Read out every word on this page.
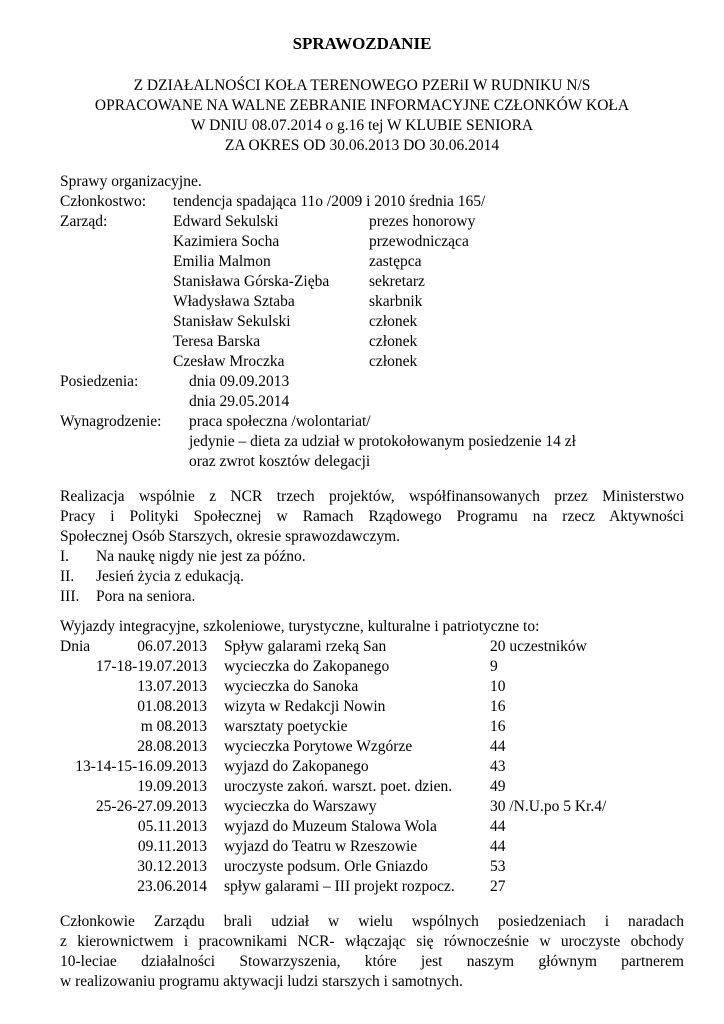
SPRAWOZDANIE
Z DZIAŁALNOŚCI KOŁA TERENOWEGO PZERiI W RUDNIKU N/S
OPRACOWANE NA WALNE ZEBRANIE INFORMACYJNE CZŁONKÓW KOŁA
W DNIU 08.07.2014 o g.16 tej W KLUBIE SENIORA
ZA OKRES OD 30.06.2013 DO 30.06.2014
Sprawy organizacyjne.
Członkostwo: tendencja spadająca 11o /2009 i 2010 średnia 165/
Zarząd:	Edward Sekulski	prezes honorowy
Kazimiera Socha	przewodnicząca
Emilia Malmon	zastępca
Stanisława Górska-Zięba	sekretarz
Władysława Sztaba	skarbnik
Stanisław Sekulski	członek
Teresa Barska	członek
Czesław Mroczka	członek
Posiedzenia:	dnia 09.09.2013
dnia 29.05.2014
Wynagrodzenie: praca społeczna /wolontariat/
jedynie – dieta za udział w protokołowanym posiedzenie 14 zł
oraz zwrot kosztów delegacji
Realizacja wspólnie z NCR trzech projektów, współfinansowanych przez Ministerstwo
Pracy i Polityki Społecznej w Ramach Rządowego Programu na rzecz Aktywności
Społecznej Osób Starszych, okresie sprawozdawczym.
I. Na naukę nigdy nie jest za późno.
II. Jesień życia z edukacją.
III. Pora na seniora.
Wyjazdy integracyjne, szkoleniowe, turystyczne, kulturalne i patriotyczne to:
Dnia	06.07.2013 Spływ galarami rzeką San	20 uczestników
17-18-19.07.2013 wycieczka do Zakopanego	9
13.07.2013 wycieczka do Sanoka	10
01.08.2013 wizyta w Redakcji Nowin	16
m 08.2013 warsztaty poetyckie	16
28.08.2013 wycieczka Porytowe Wzgórze	44
13-14-15-16.09.2013 wyjazd do Zakopanego	43
19.09.2013 uroczyste zakoń. warszt. poet. dzien. 49
25-26-27.09.2013 wycieczka do Warszawy	30 /N.U.po 5 Kr.4/
05.11.2013 wyjazd do Muzeum Stalowa Wola	44
09.11.2013 wyjazd do Teatru w Rzeszowie	44
30.12.2013 uroczyste podsum. Orle Gniazdo	53
23.06.2014 spływ galarami – III projekt rozpocz. 27
Członkowie Zarządu brali udział w wielu wspólnych posiedzeniach i naradach
z kierownictwem i pracownikami NCR- włączając się równocześnie w uroczyste obchody
10-leciae działalności Stowarzyszenia, które jest naszym głównym partnerem
w realizowaniu programu aktywacji ludzi starszych i samotnych.
